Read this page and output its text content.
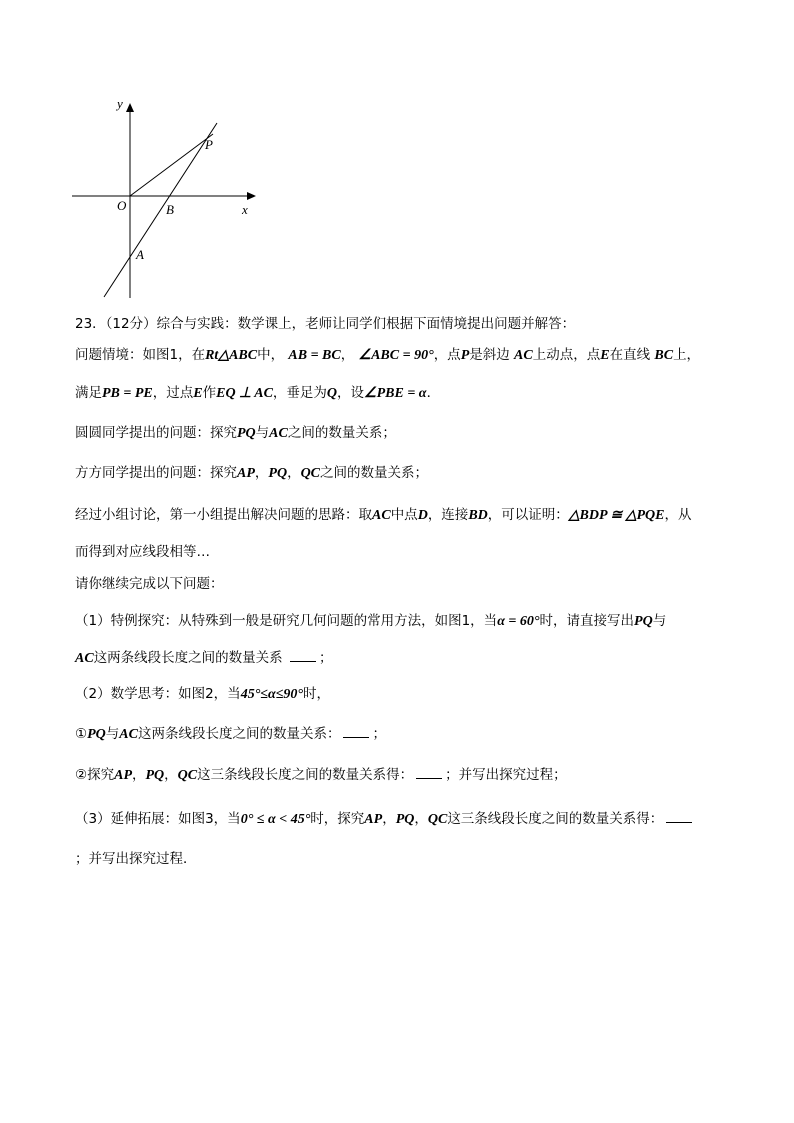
y
x
O	B
P
A
23．（12分）综合与实践：数学课上，老师让同学们根据下面情境提出问题并解答：
问题情境：如图1，在Rt△ABC中， AB = BC， ∠ABC = 90°，点P是斜边 AC上动点，点E在直线 BC上，
满足PB = PE，过点E作EQ ⊥ AC，垂足为Q，设∠PBE = α．
圆圆同学提出的问题：探究PQ与AC之间的数量关系；
方方同学提出的问题：探究AP，PQ，QC之间的数量关系；
经过小组讨论，第一小组提出解决问题的思路：取AC中点D，连接BD，可以证明：△BDP ≅ △PQE，从
而得到对应线段相等…
请你继续完成以下问题：
（1）特例探究：从特殊到一般是研究几何问题的常用方法，如图1，当α = 60°时，请直接写出PQ与
AC这两条线段长度之间的数量关系	；
（2）数学思考：如图2，当45°≤α≤90°时，
①PQ与AC这两条线段长度之间的数量关系： ；
②探究AP，PQ，QC这三条线段长度之间的数量关系得： ；并写出探究过程；
（3）延伸拓展：如图3，当0° ≤ α < 45°时，探究AP，PQ，QC这三条线段长度之间的数量关系得：
；并写出探究过程．
